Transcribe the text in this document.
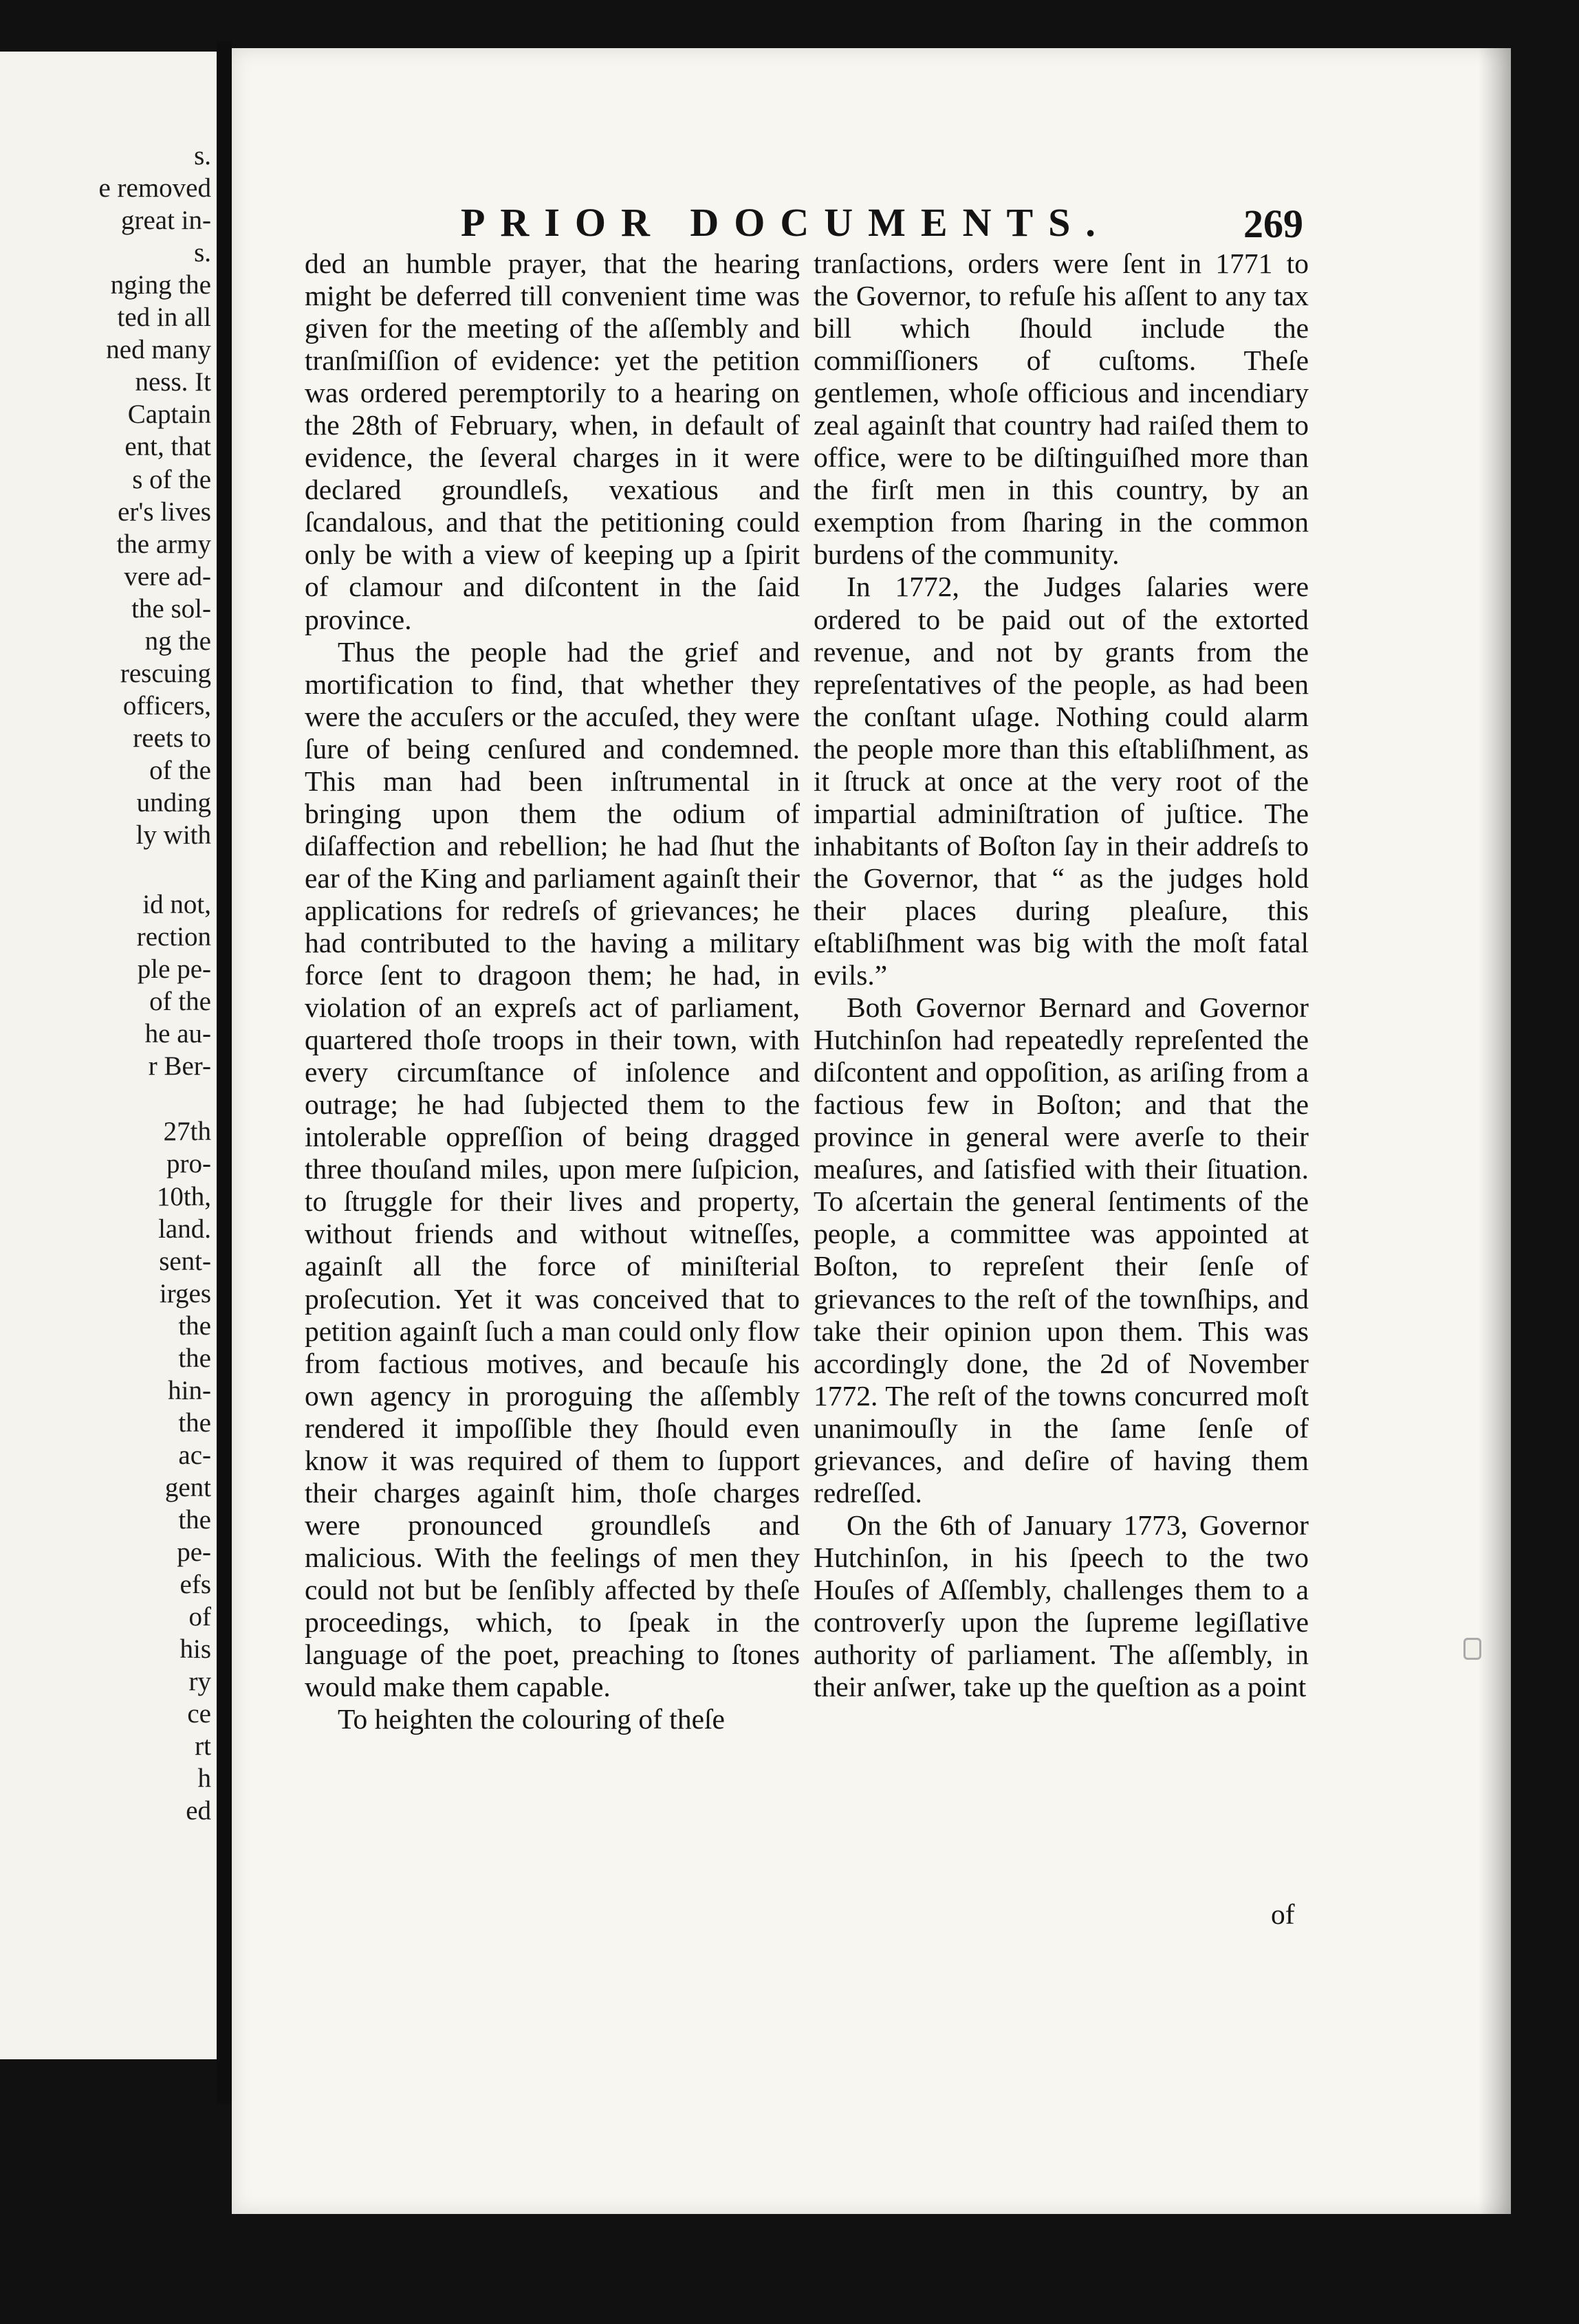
s.
e removed
great in-
s.
nging the
ted in all
ned many
ness. It
Captain
ent, that
s of the
er's lives
the army
vere ad-
the sol-
ng the
rescuing
officers,
reets to
of the
unding
ly with
id not,
rection
ple pe-
of the
he au-
r Ber-
27th
pro-
10th,
land.
sent-
irges
the
the
hin-
the
ac-
gent
the
pe-
efs
of
his
ry
ce
rt
h
ed
PRIOR DOCUMENTS.	269

ded an humble prayer, that the hearing might be deferred till convenient time was given for the meeting of the aſſembly and tranſmiſſion of evidence: yet the petition was ordered peremptorily to a hearing on the 28th of February, when, in default of evidence, the ſeveral charges in it were declared groundleſs, vexatious and ſcandalous, and that the petitioning could only be with a view of keeping up a ſpirit of clamour and diſcontent in the ſaid province.

Thus the people had the grief and mortification to find, that whether they were the accuſers or the accuſed, they were ſure of being cenſured and condemned. This man had been inſtrumental in bringing upon them the odium of diſaffection and rebellion; he had ſhut the ear of the King and parliament againſt their applications for redreſs of grievances; he had contributed to the having a military force ſent to dragoon them; he had, in violation of an expreſs act of parliament, quartered thoſe troops in their town, with every circumſtance of inſolence and outrage; he had ſubjected them to the intolerable oppreſſion of being dragged three thouſand miles, upon mere ſuſpicion, to ſtruggle for their lives and property, without friends and without witneſſes, againſt all the force of miniſterial proſecution. Yet it was conceived that to petition againſt ſuch a man could only flow from factious motives, and becauſe his own agency in proroguing the aſſembly rendered it impoſſible they ſhould even know it was required of them to ſupport their charges againſt him, thoſe charges were pronounced groundleſs and malicious. With the feelings of men they could not but be ſenſibly affected by theſe proceedings, which, to ſpeak in the language of the poet, preaching to ſtones would make them capable.

To heighten the colouring of theſe

tranſactions, orders were ſent in 1771 to the Governor, to refuſe his aſſent to any tax bill which ſhould include the commiſſioners of cuſtoms. Theſe gentlemen, whoſe officious and incendiary zeal againſt that country had raiſed them to office, were to be diſtinguiſhed more than the firſt men in this country, by an exemption from ſharing in the common burdens of the community.

In 1772, the Judges ſalaries were ordered to be paid out of the extorted revenue, and not by grants from the repreſentatives of the people, as had been the conſtant uſage. Nothing could alarm the people more than this eſtabliſhment, as it ſtruck at once at the very root of the impartial adminiſtration of juſtice. The inhabitants of Boſton ſay in their addreſs to the Governor, that “ as the judges hold their places during pleaſure, this eſtabliſhment was big with the moſt fatal evils.”

Both Governor Bernard and Governor Hutchinſon had repeatedly repreſented the diſcontent and oppoſition, as ariſing from a factious few in Boſton; and that the province in general were averſe to their meaſures, and ſatisfied with their ſituation. To aſcertain the general ſentiments of the people, a committee was appointed at Boſton, to repreſent their ſenſe of grievances to the reſt of the townſhips, and take their opinion upon them. This was accordingly done, the 2d of November 1772. The reſt of the towns concurred moſt unanimouſly in the ſame ſenſe of grievances, and deſire of having them redreſſed.

On the 6th of January 1773, Governor Hutchinſon, in his ſpeech to the two Houſes of Aſſembly, challenges them to a controverſy upon the ſupreme legiſlative authority of parliament. The aſſembly, in their anſwer, take up the queſtion as a point

of
